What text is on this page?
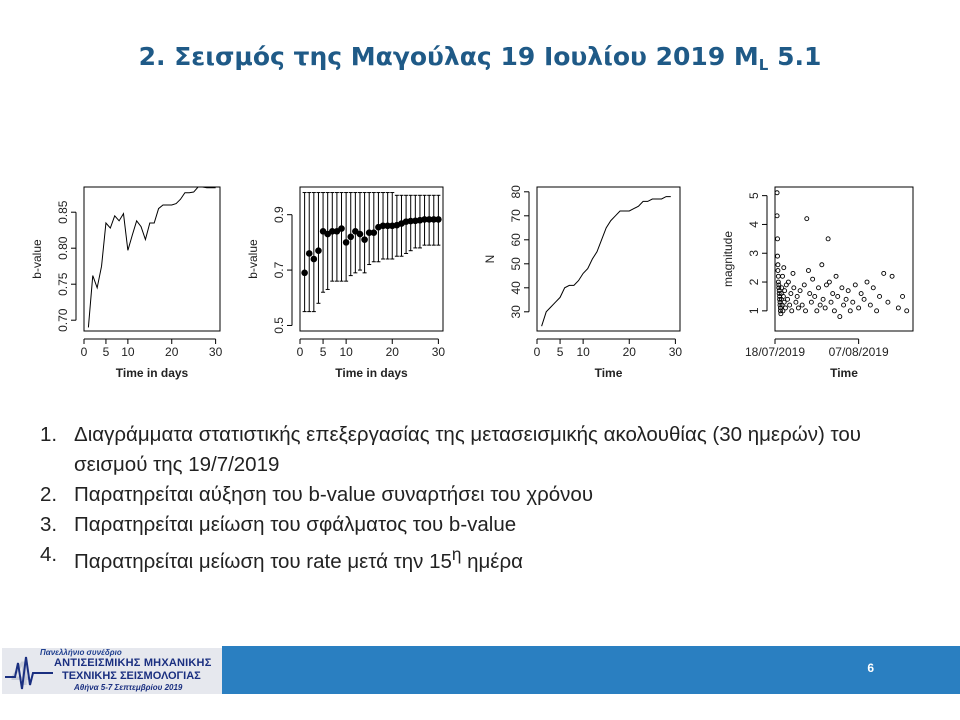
2. Σεισμός της Μαγούλας 19 Ιουλίου 2019 $M_L$ 5.1
0 5 10	20	30
Time in days
0.70
0.75
0.80
0.85
b-value
0 5 10	20	30
Time in days
0.5
0.7
0.9
b-value
0 5 10	20	30
Time
30
40
50
60
70
80
N
18/07/2019 07/08/2019
Time
1
2
3
4
5
magnitude
1. Διαγράμματα στατιστικής επεξεργασίας της μετασεισμικής ακολουθίας (30 ημερών) του σεισμού της 19/7/2019
2. Παρατηρείται αύξηση του b-value συναρτήσει του χρόνου
3. Παρατηρείται μείωση του σφάλματος του b-value
4. Παρατηρείται μείωση του rate μετά την $15^\eta$ ημέρα
4
Πανελλήνιο συνέδριο
ΑΝΤΙΣΕΙΣΜΙΚΗΣ ΜΗΧΑΝΙΚΗΣ
ΤΕΧΝΙΚΗΣ ΣΕΙΣΜΟΛΟΓΙΑΣ
Αθήνα 5-7 Σεπτεμβρίου 2019
6
